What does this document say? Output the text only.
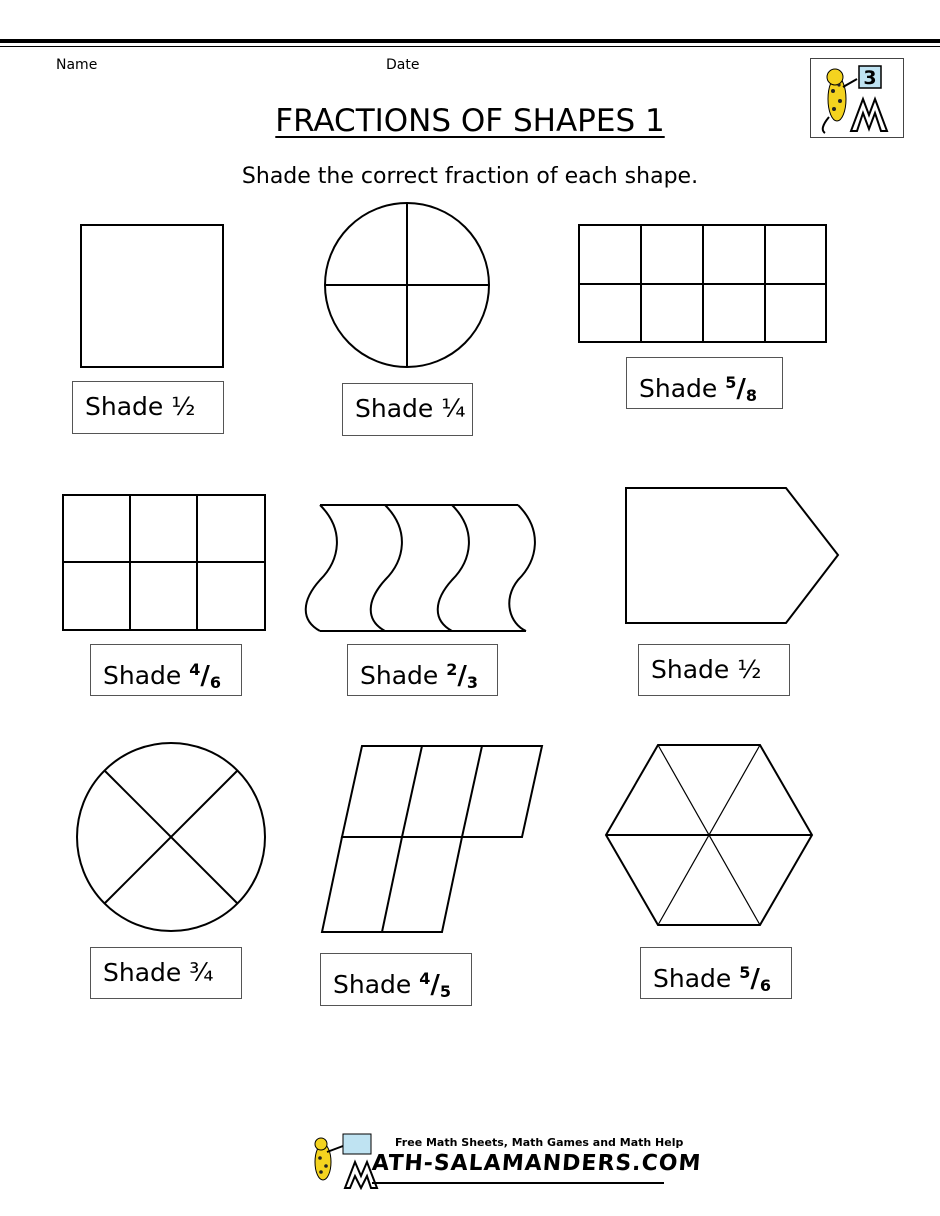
Name	Date
3
FRACTIONS OF SHAPES 1
Shade the correct fraction of each shape.
Shade ½	Shade ¼
Shade $^5/_8$
Shade $^4/_6$	Shade $^2/_3$	Shade ½
Shade ¾	Shade $^4/_5$	Shade $^5/_6$
Free Math Sheets, Math Games and Math Help
ATH-SALAMANDERS.COM
